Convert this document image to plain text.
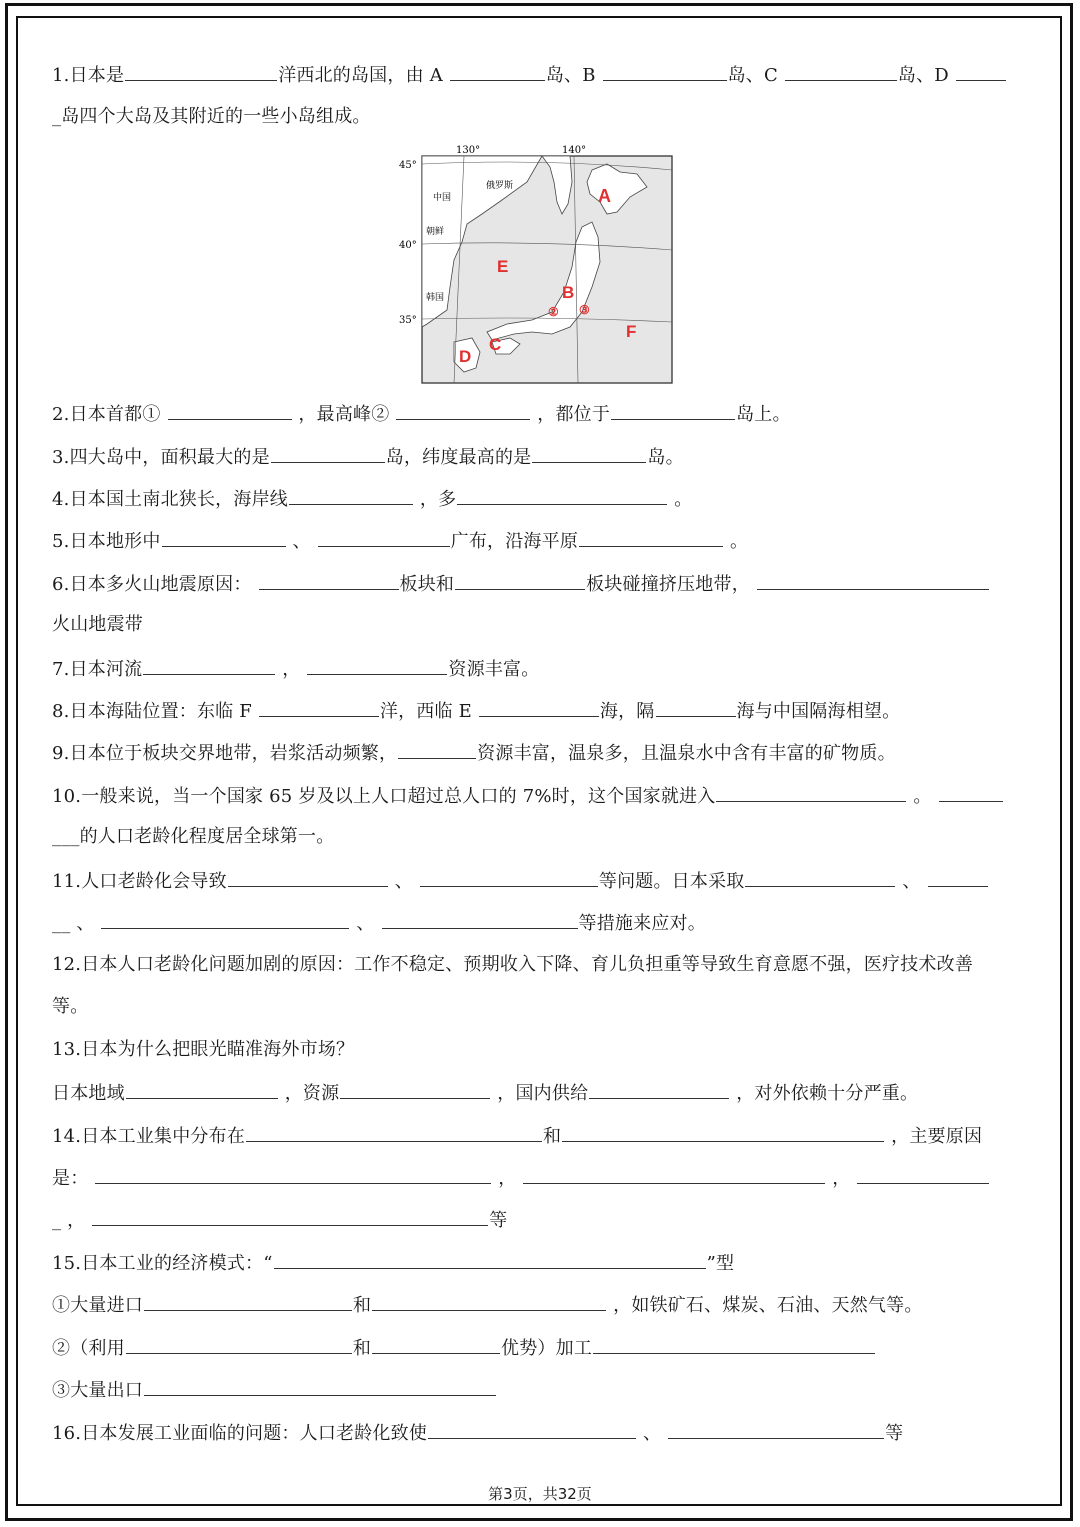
1.日本是	洋西北的岛国，由 A	岛、B	岛、C	岛、D
_岛四个大岛及其附近的一些小岛组成。
130°	140°
45°
40°
35°
中国
俄罗斯
朝鲜
韩国
A
E
B
F
C
D
② ③
2.日本首都①	，最高峰②	，都位于	岛上。
3.四大岛中，面积最大的是	岛，纬度最高的是	岛。
4.日本国土南北狭长，海岸线	，多	。
5.日本地形中	、	广布，沿海平原	。
6.日本多火山地震原因：	板块和	板块碰撞挤压地带，
火山地震带
7.日本河流	，	资源丰富。
8.日本海陆位置：东临 F	洋，西临 E	海，隔	海与中国隔海相望。
9.日本位于板块交界地带，岩浆活动频繁，	资源丰富，温泉多，且温泉水中含有丰富的矿物质。
10.一般来说，当一个国家 65 岁及以上人口超过总人口的 7%时，这个国家就进入	。
___的人口老龄化程度居全球第一。
11.人口老龄化会导致	、	等问题。日本采取	、
__ 、	、	等措施来应对。
12.日本人口老龄化问题加剧的原因：工作不稳定、预期收入下降、育儿负担重等导致生育意愿不强，医疗技术改善
等。
13.日本为什么把眼光瞄准海外市场？
日本地域	，资源	，国内供给	，对外依赖十分严重。
14.日本工业集中分布在	和	，主要原因
是：	，	，
_ ，	等
15.日本工业的经济模式：“	”型
①大量进口	和	，如铁矿石、煤炭、石油、天然气等。
②（利用	和	优势）加工
③大量出口
16.日本发展工业面临的问题：人口老龄化致使	、	等
第3页，共32页
